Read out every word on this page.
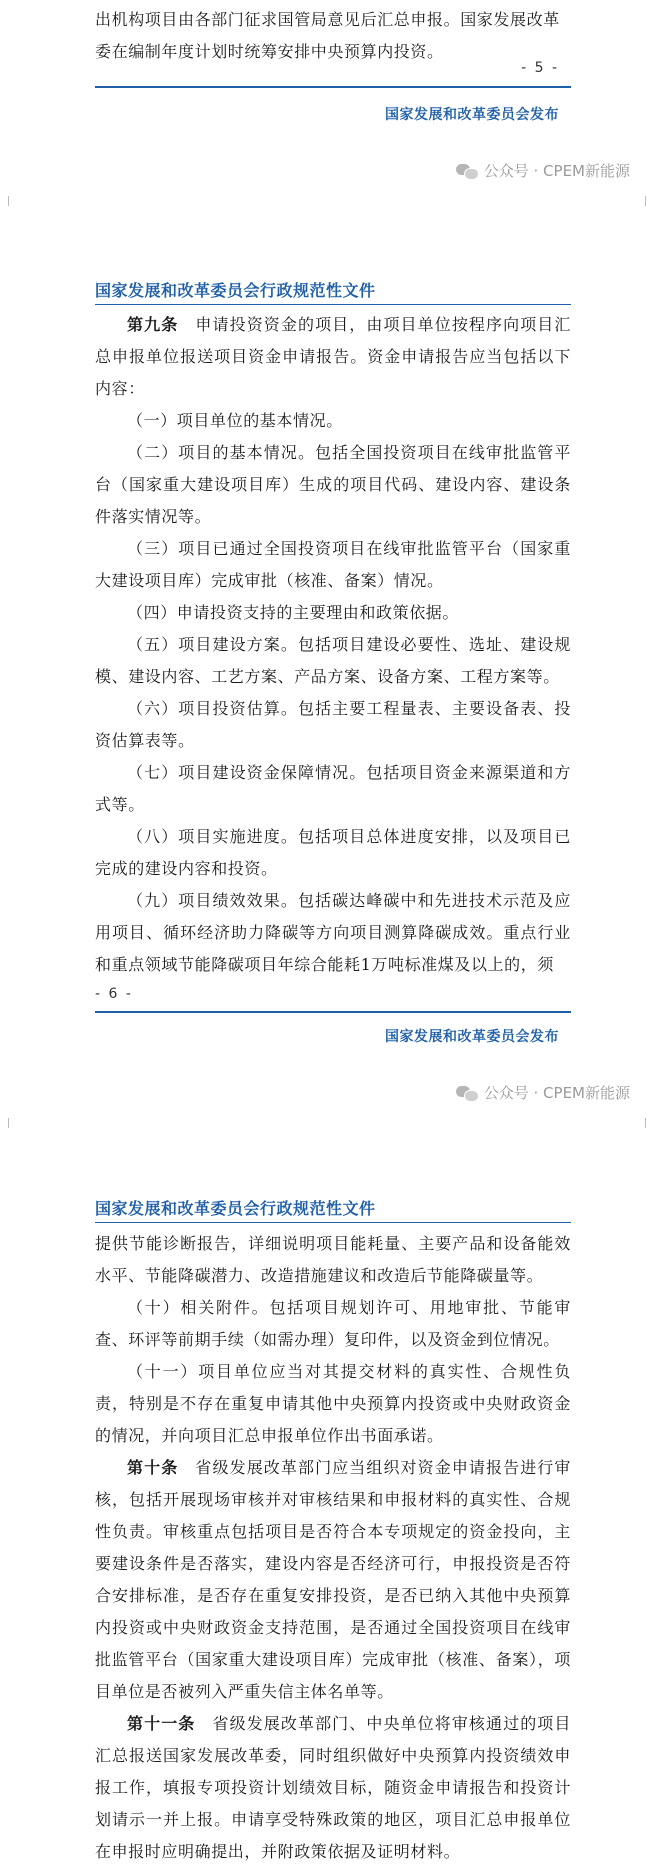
出机构项目由各部门征求国管局意见后汇总申报。国家发展改革

委在编制年度计划时统筹安排中央预算内投资。

- 5 -
国家发展和改革委员会发布
公众号 · CPEM新能源
国家发展和改革委员会行政规范性文件

第九条　 申请投资资金的项目，由项目单位按程序向项目汇总申报单位报送项目资金申请报告。资金申请报告应当包括以下内容：

（一）项目单位的基本情况。

（二）项目的基本情况。包括全国投资项目在线审批监管平台（国家重大建设项目库）生成的项目代码、建设内容、建设条件落实情况等。

（三）项目已通过全国投资项目在线审批监管平台（国家重大建设项目库）完成审批（核准、备案）情况。

（四）申请投资支持的主要理由和政策依据。

（五）项目建设方案。包括项目建设必要性、选址、建设规模、建设内容、工艺方案、产品方案、设备方案、工程方案等。

（六）项目投资估算。包括主要工程量表、主要设备表、投资估算表等。

（七）项目建设资金保障情况。包括项目资金来源渠道和方式等。

（八）项目实施进度。包括项目总体进度安排，以及项目已完成的建设内容和投资。

（九）项目绩效效果。包括碳达峰碳中和先进技术示范及应用项目、循环经济助力降碳等方向项目测算降碳成效。重点行业和重点领域节能降碳项目年综合能耗1万吨标准煤及以上的，须

- 6 -
国家发展和改革委员会发布
公众号 · CPEM新能源
国家发展和改革委员会行政规范性文件

提供节能诊断报告，详细说明项目能耗量、主要产品和设备能效水平、节能降碳潜力、改造措施建议和改造后节能降碳量等。

（十）相关附件。包括项目规划许可、用地审批、节能审查、环评等前期手续（如需办理）复印件，以及资金到位情况。

（十一）项目单位应当对其提交材料的真实性、合规性负责，特别是不存在重复申请其他中央预算内投资或中央财政资金的情况，并向项目汇总申报单位作出书面承诺。

第十条　 省级发展改革部门应当组织对资金申请报告进行审核，包括开展现场审核并对审核结果和申报材料的真实性、合规性负责。审核重点包括项目是否符合本专项规定的资金投向，主要建设条件是否落实，建设内容是否经济可行，申报投资是否符合安排标准，是否存在重复安排投资，是否已纳入其他中央预算内投资或中央财政资金支持范围，是否通过全国投资项目在线审批监管平台（国家重大建设项目库）完成审批（核准、备案），项目单位是否被列入严重失信主体名单等。

第十一条　 省级发展改革部门、中央单位将审核通过的项目汇总报送国家发展改革委，同时组织做好中央预算内投资绩效申报工作，填报专项投资计划绩效目标，随资金申请报告和投资计划请示一并上报。申请享受特殊政策的地区，项目汇总申报单位在申报时应明确提出，并附政策依据及证明材料。
